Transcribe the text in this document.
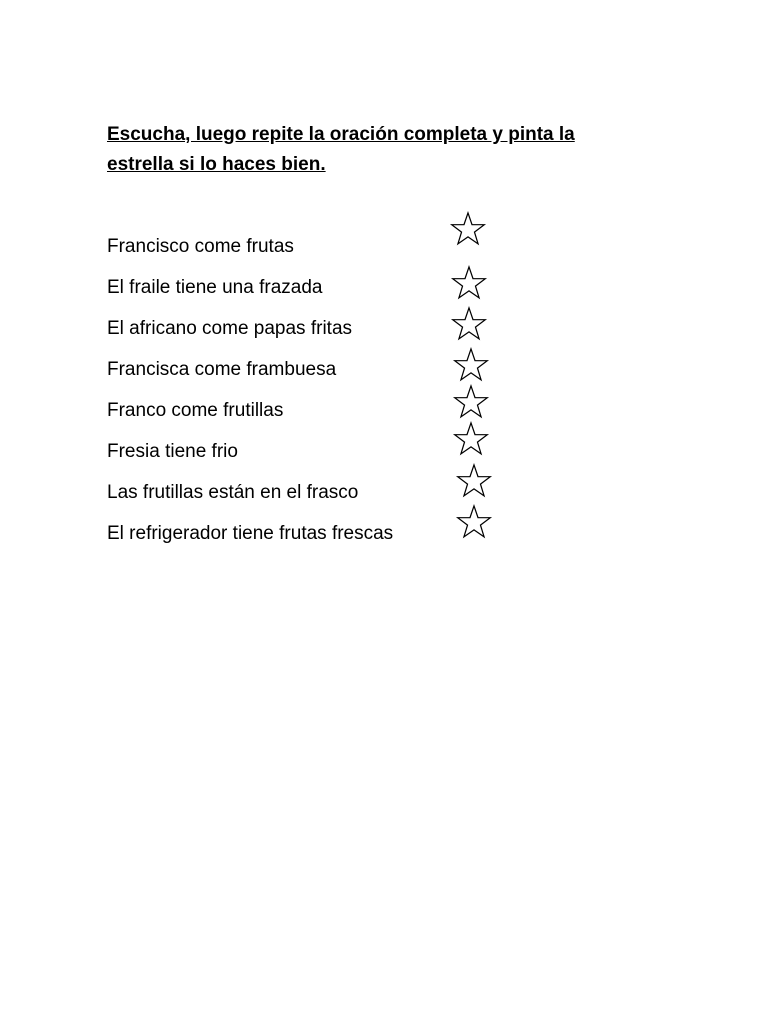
Escucha, luego repite la oración completa y pinta la
estrella si lo haces bien.
Francisco come frutas
El fraile tiene una frazada
El africano come papas fritas
Francisca come frambuesa
Franco come frutillas
Fresia tiene frio
Las frutillas están en el frasco
El refrigerador tiene frutas frescas
